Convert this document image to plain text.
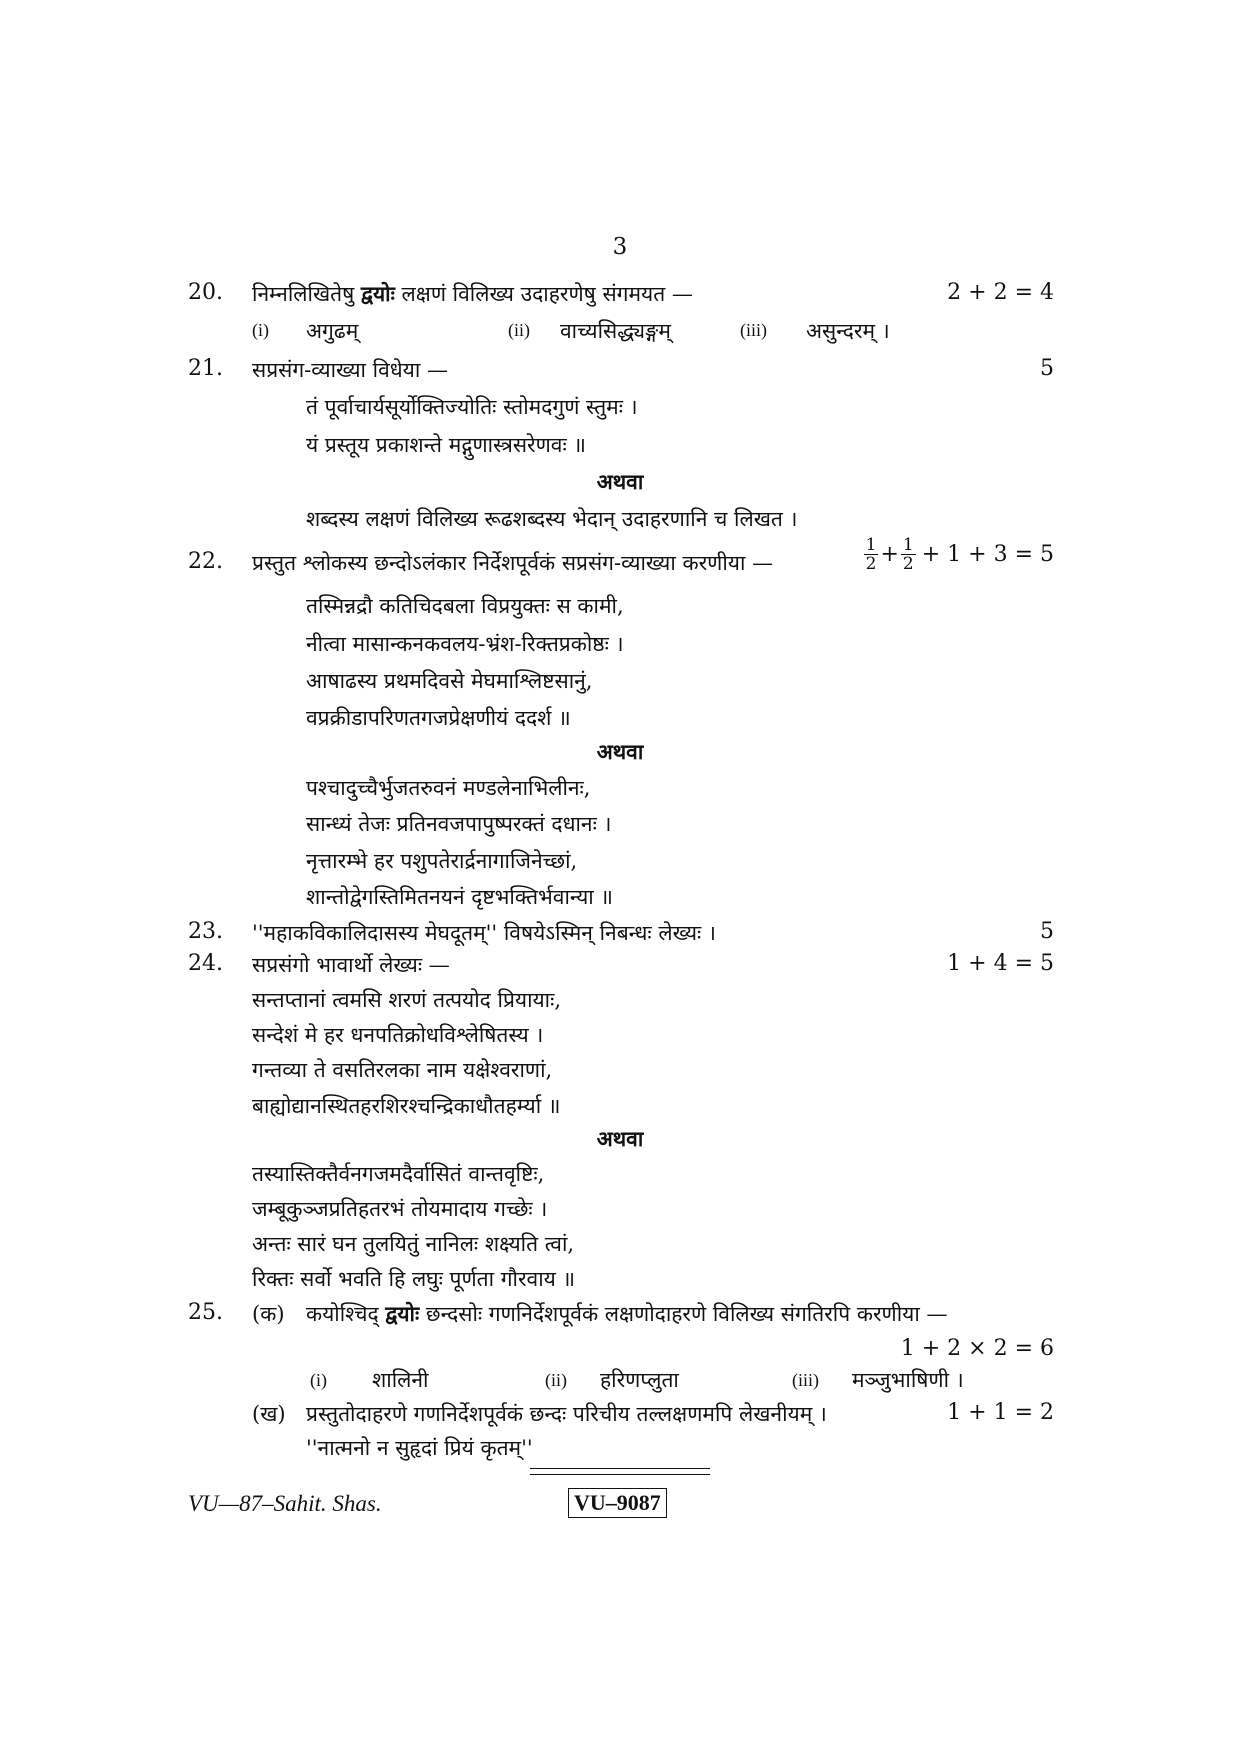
3
20. निम्नलिखितेषु द्वयोः लक्षणं विलिख्य उदाहरणेषु संगमयत —	2 + 2 = 4
(i) अगुढम्	(ii) वाच्यसिद्ध्यङ्गम्	(iii) असुन्दरम् ।
21. सप्रसंग-व्याख्या विधेया —	5
तं पूर्वाचार्यसूर्योक्तिज्योतिः स्तोमदगुणं स्तुमः ।
यं प्रस्तूय प्रकाशन्ते मद्गुणास्त्रसरेणवः ॥
अथवा
शब्दस्य लक्षणं विलिख्य रूढशब्दस्य भेदान् उदाहरणानि च लिखत ।
22. प्रस्तुत श्लोकस्य छन्दोऽलंकार निर्देशपूर्वकं सप्रसंग-व्याख्या करणीया —	$\frac{1}{2} + \frac{1}{2} + 1 + 3 = 5$
तस्मिन्नद्रौ कतिचिदबला विप्रयुक्तः स कामी,
नीत्वा मासान्कनकवलय-भ्रंश-रिक्तप्रकोष्ठः ।
आषाढस्य प्रथमदिवसे मेघमाश्लिष्टसानुं,
वप्रक्रीडापरिणतगजप्रेक्षणीयं ददर्श ॥
अथवा
पश्चादुच्चैर्भुजतरुवनं मण्डलेनाभिलीनः,
सान्ध्यं तेजः प्रतिनवजपापुष्परक्तं दधानः ।
नृत्तारम्भे हर पशुपतेरार्द्रनागाजिनेच्छां,
शान्तोद्वेगस्तिमितनयनं दृष्टभक्तिर्भवान्या ॥
23. ''महाकविकालिदासस्य मेघदूतम्'' विषयेऽस्मिन् निबन्धः लेख्यः ।	5
24. सप्रसंगो भावार्थो लेख्यः —	1 + 4 = 5
सन्तप्तानां त्वमसि शरणं तत्पयोद प्रियायाः,
सन्देशं मे हर धनपतिक्रोधविश्लेषितस्य ।
गन्तव्या ते वसतिरलका नाम यक्षेश्वराणां,
बाह्योद्यानस्थितहरशिरश्चन्द्रिकाधौतहर्म्या ॥
अथवा
तस्यास्तिक्तैर्वनगजमदैर्वासितं वान्तवृष्टिः,
जम्बूकुञ्जप्रतिहतरभं तोयमादाय गच्छेः ।
अन्तः सारं घन तुलयितुं नानिलः शक्ष्यति त्वां,
रिक्तः सर्वो भवति हि लघुः पूर्णता गौरवाय ॥
25. (क) कयोश्चिद् द्वयोः छन्दसोः गणनिर्देशपूर्वकं लक्षणोदाहरणे विलिख्य संगतिरपि करणीया —
1 + 2 × 2 = 6
(i) शालिनी	(ii) हरिणप्लुता	(iii) मञ्जुभाषिणी ।
(ख) प्रस्तुतोदाहरणे गणनिर्देशपूर्वकं छन्दः परिचीय तल्लक्षणमपि लेखनीयम् ।	1 + 1 = 2
''नात्मनो न सुहृदां प्रियं कृतम्''
VU—87–Sahit. Shas.	VU–9087
